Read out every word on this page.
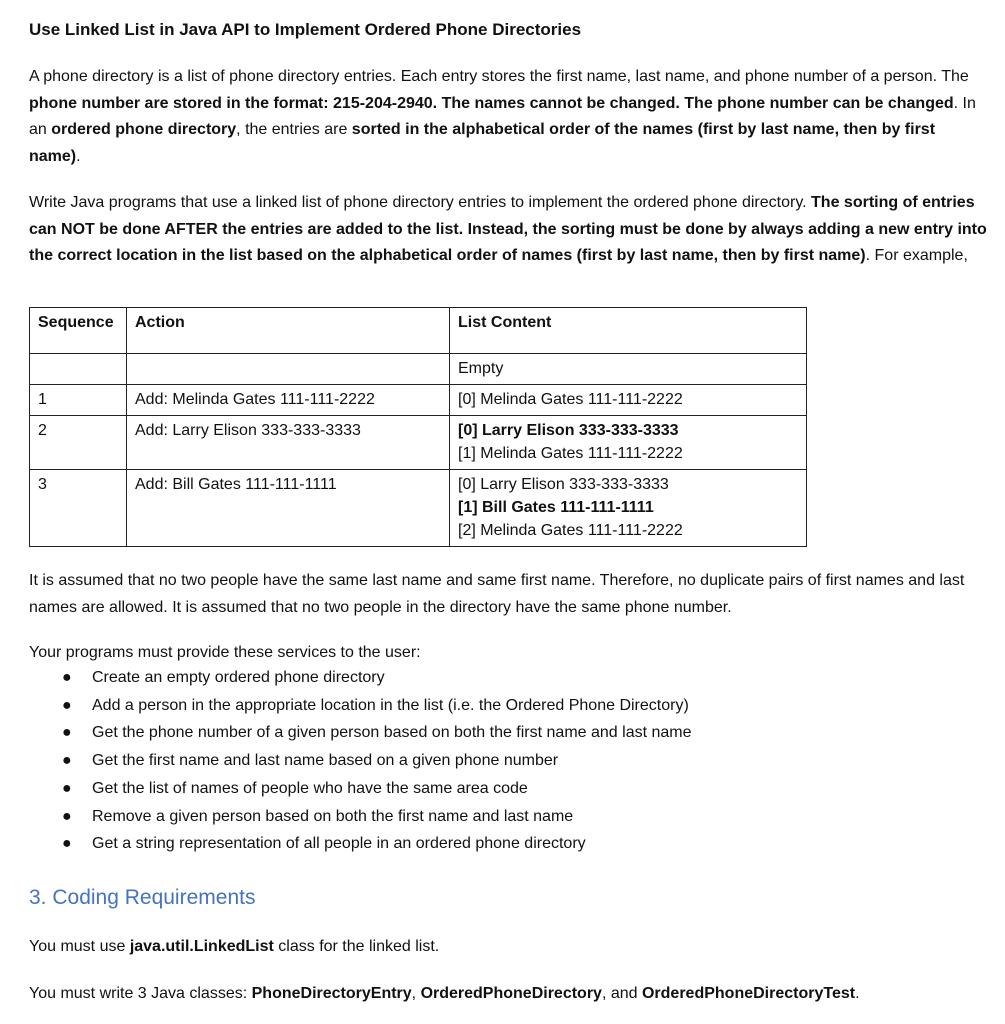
Use Linked List in Java API to Implement Ordered Phone Directories

A phone directory is a list of phone directory entries. Each entry stores the first name, last name, and phone number of a person. The phone number are stored in the format: 215-204-2940. The names cannot be changed. The phone number can be changed. In an ordered phone directory, the entries are sorted in the alphabetical order of the names (first by last name, then by first name).

Write Java programs that use a linked list of phone directory entries to implement the ordered phone directory. The sorting of entries can NOT be done AFTER the entries are added to the list. Instead, the sorting must be done by always adding a new entry into the correct location in the list based on the alphabetical order of names (first by last name, then by first name). For example,

Sequence	Action	List Content

		Empty

1	Add: Melinda Gates 111-111-2222	[0] Melinda Gates 111-111-2222

2	Add: Larry Elison 333-333-3333	[0] Larry Elison 333-333-3333
[1] Melinda Gates 111-111-2222

3	Add: Bill Gates 111-111-1111	[0] Larry Elison 333-333-3333
[1] Bill Gates 111-111-1111
[2] Melinda Gates 111-111-2222

It is assumed that no two people have the same last name and same first name. Therefore, no duplicate pairs of first names and last names are allowed. It is assumed that no two people in the directory have the same phone number.

Your programs must provide these services to the user:

● Create an empty ordered phone directory
● Add a person in the appropriate location in the list (i.e. the Ordered Phone Directory)
● Get the phone number of a given person based on both the first name and last name
● Get the first name and last name based on a given phone number
● Get the list of names of people who have the same area code
● Remove a given person based on both the first name and last name
● Get a string representation of all people in an ordered phone directory
3. Coding Requirements

You must use java.util.LinkedList class for the linked list.

You must write 3 Java classes: PhoneDirectoryEntry, OrderedPhoneDirectory, and OrderedPhoneDirectoryTest.
